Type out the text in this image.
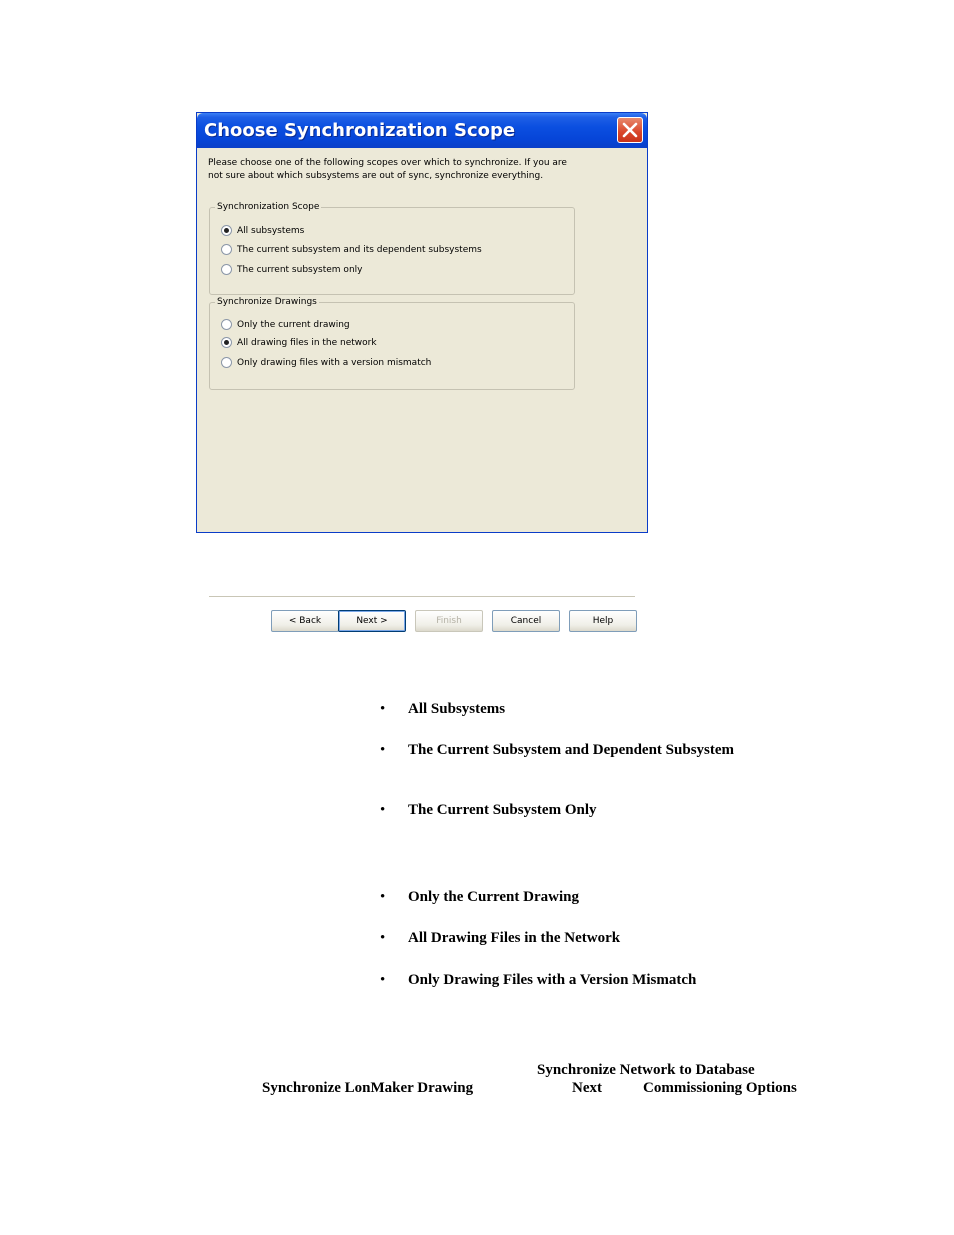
Choose Synchronization Scope
Please choose one of the following scopes over which to synchronize. If you are
not sure about which subsystems are out of sync, synchronize everything.
Synchronization Scope
All subsystems
The current subsystem and its dependent subsystems
The current subsystem only
Synchronize Drawings
Only the current drawing
All drawing files in the network
Only drawing files with a version mismatch
< Back	Next >	Finish	Cancel	Help
• All Subsystems
• The Current Subsystem and Dependent Subsystem
• The Current Subsystem Only
• Only the Current Drawing
• All Drawing Files in the Network
• Only Drawing Files with a Version Mismatch
Synchronize Network to Database
Synchronize LonMaker Drawing	Next	Commissioning Options
